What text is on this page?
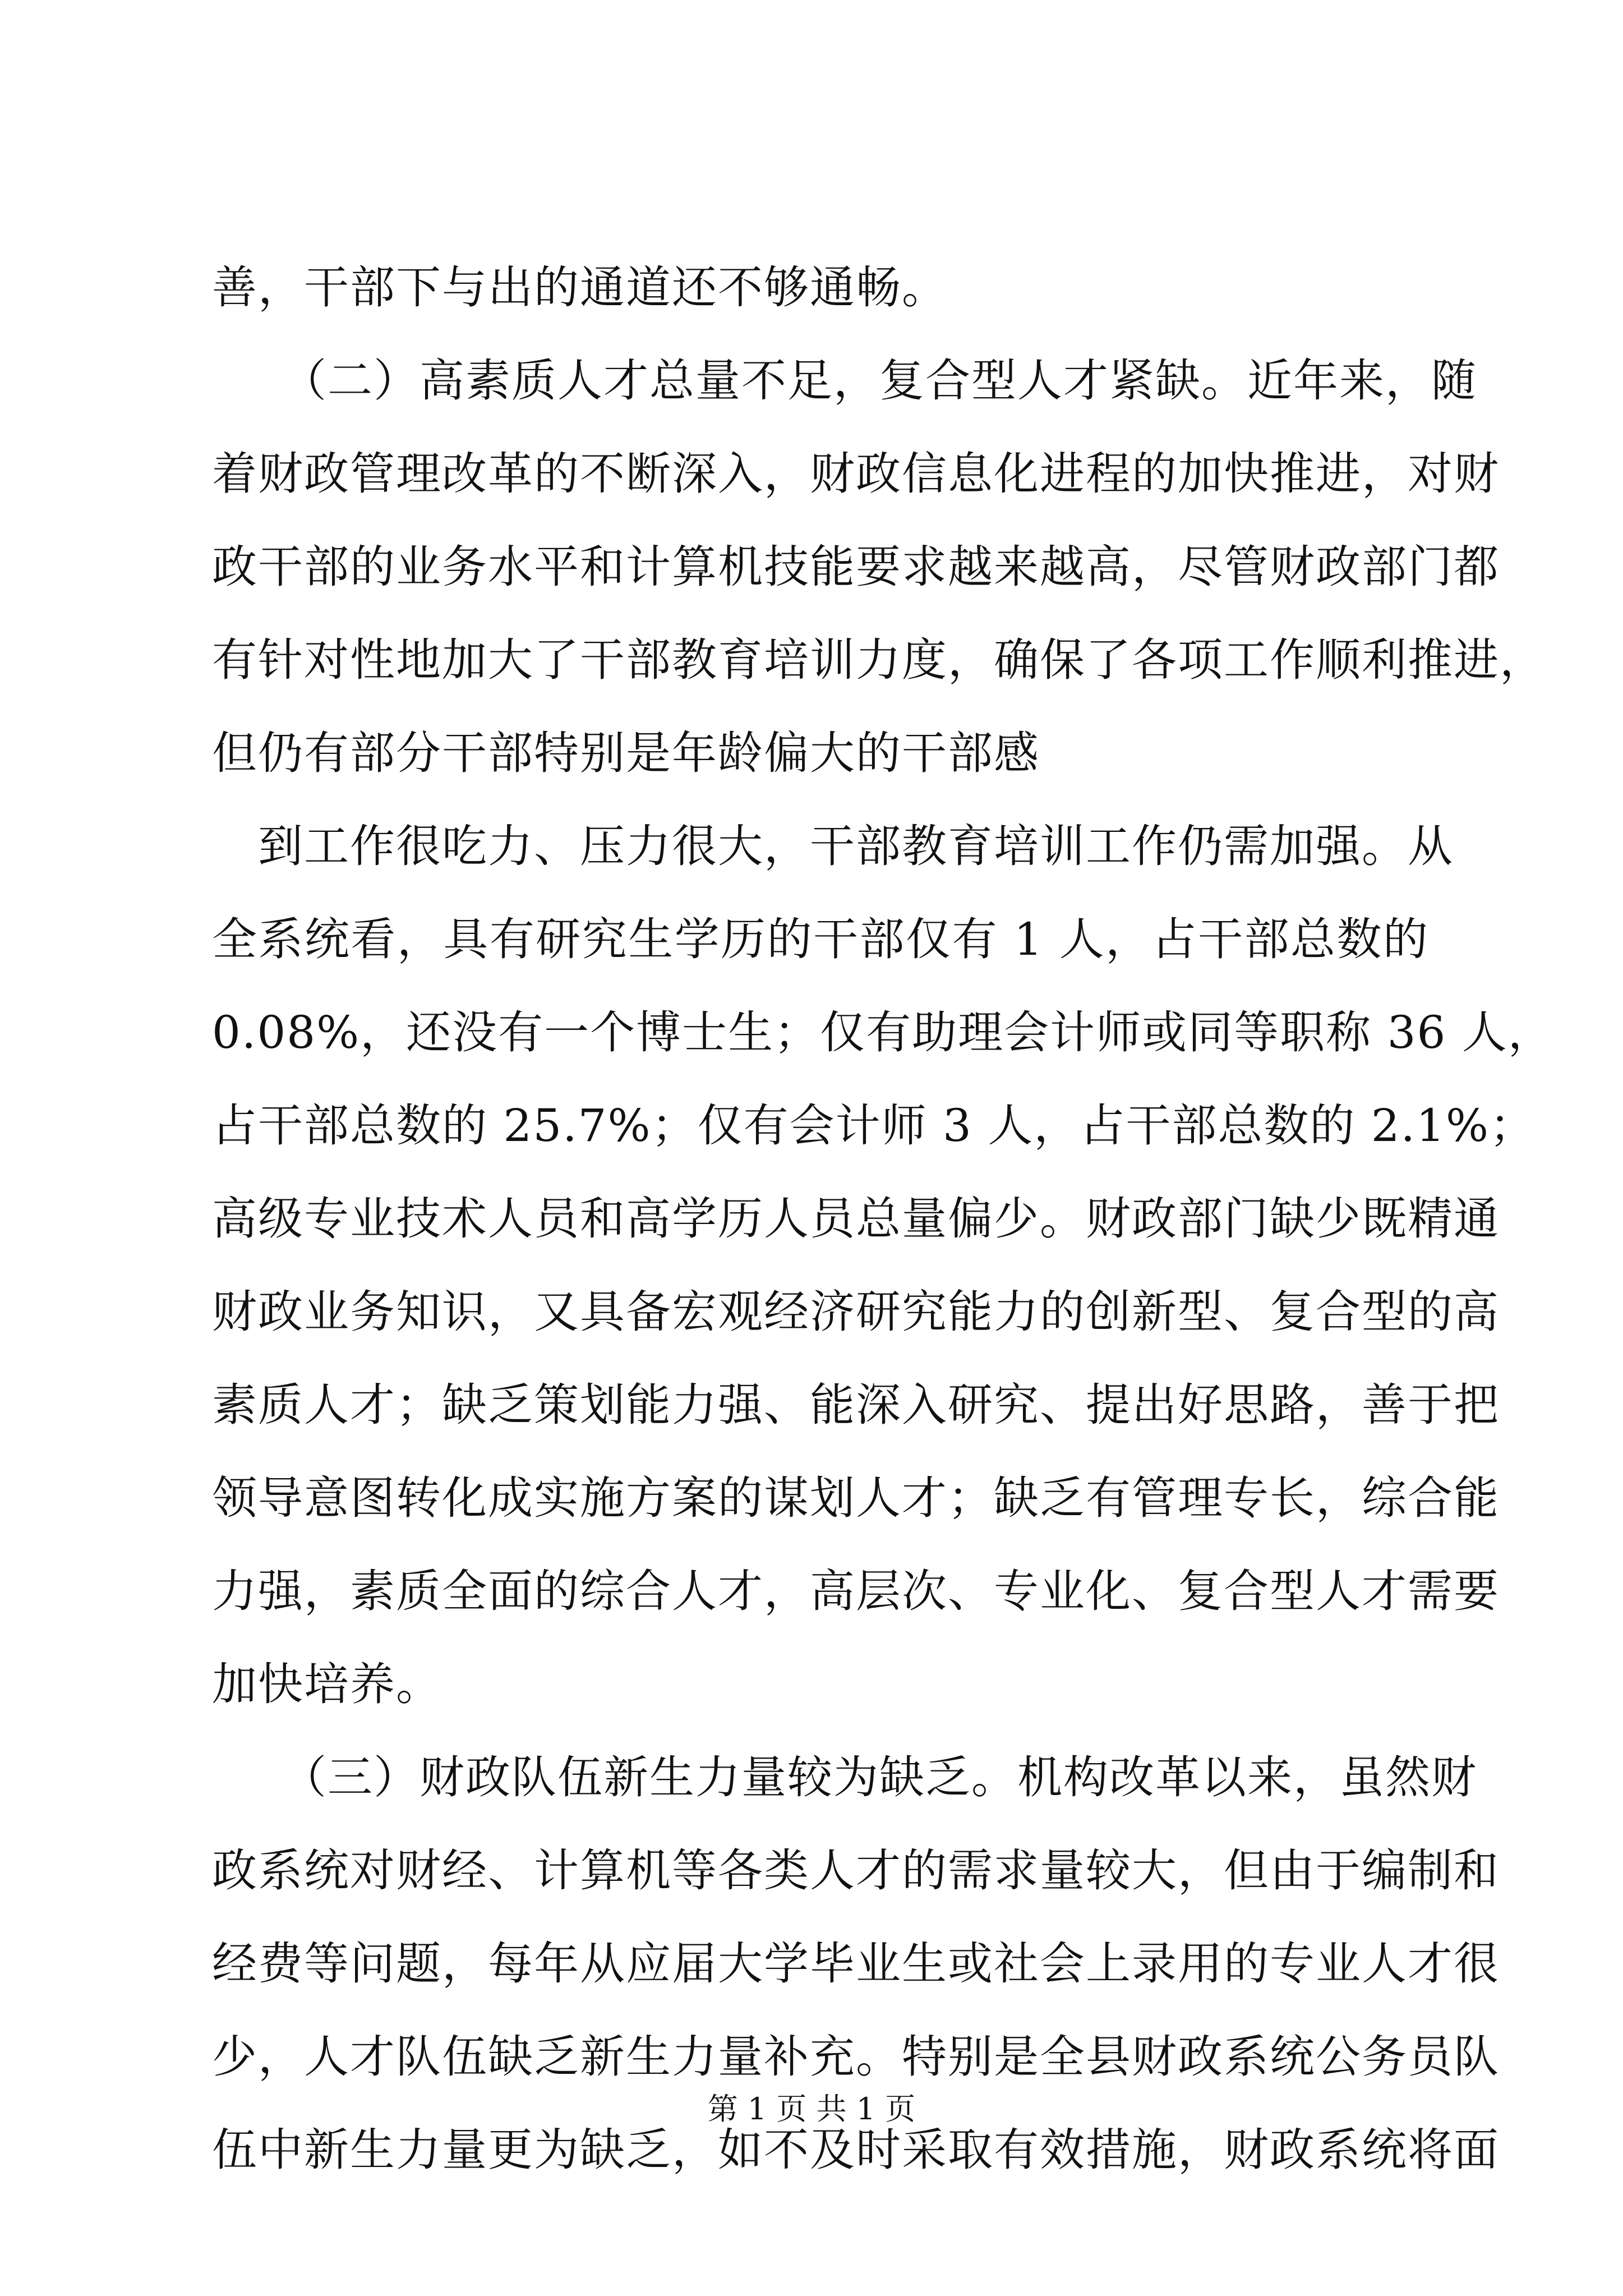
善，干部下与出的通道还不够通畅。
　　（二）高素质人才总量不足，复合型人才紧缺。近年来，随
着财政管理改革的不断深入，财政信息化进程的加快推进，对财
政干部的业务水平和计算机技能要求越来越高，尽管财政部门都
有针对性地加大了干部教育培训力度，确保了各项工作顺利推进，
但仍有部分干部特别是年龄偏大的干部感
　到工作很吃力、压力很大，干部教育培训工作仍需加强。从
全系统看，具有研究生学历的干部仅有 1 人，占干部总数的
0.08%，还没有一个博士生；仅有助理会计师或同等职称 36 人，
占干部总数的 25.7%；仅有会计师 3 人，占干部总数的 2.1%；
高级专业技术人员和高学历人员总量偏少。财政部门缺少既精通
财政业务知识，又具备宏观经济研究能力的创新型、复合型的高
素质人才；缺乏策划能力强、能深入研究、提出好思路，善于把
领导意图转化成实施方案的谋划人才；缺乏有管理专长，综合能
力强，素质全面的综合人才，高层次、专业化、复合型人才需要
加快培养。
　　（三）财政队伍新生力量较为缺乏。机构改革以来，虽然财
政系统对财经、计算机等各类人才的需求量较大，但由于编制和
经费等问题，每年从应届大学毕业生或社会上录用的专业人才很
少，人才队伍缺乏新生力量补充。特别是全县财政系统公务员队
伍中新生力量更为缺乏，如不及时采取有效措施，财政系统将面
第 1 页 共 1 页
